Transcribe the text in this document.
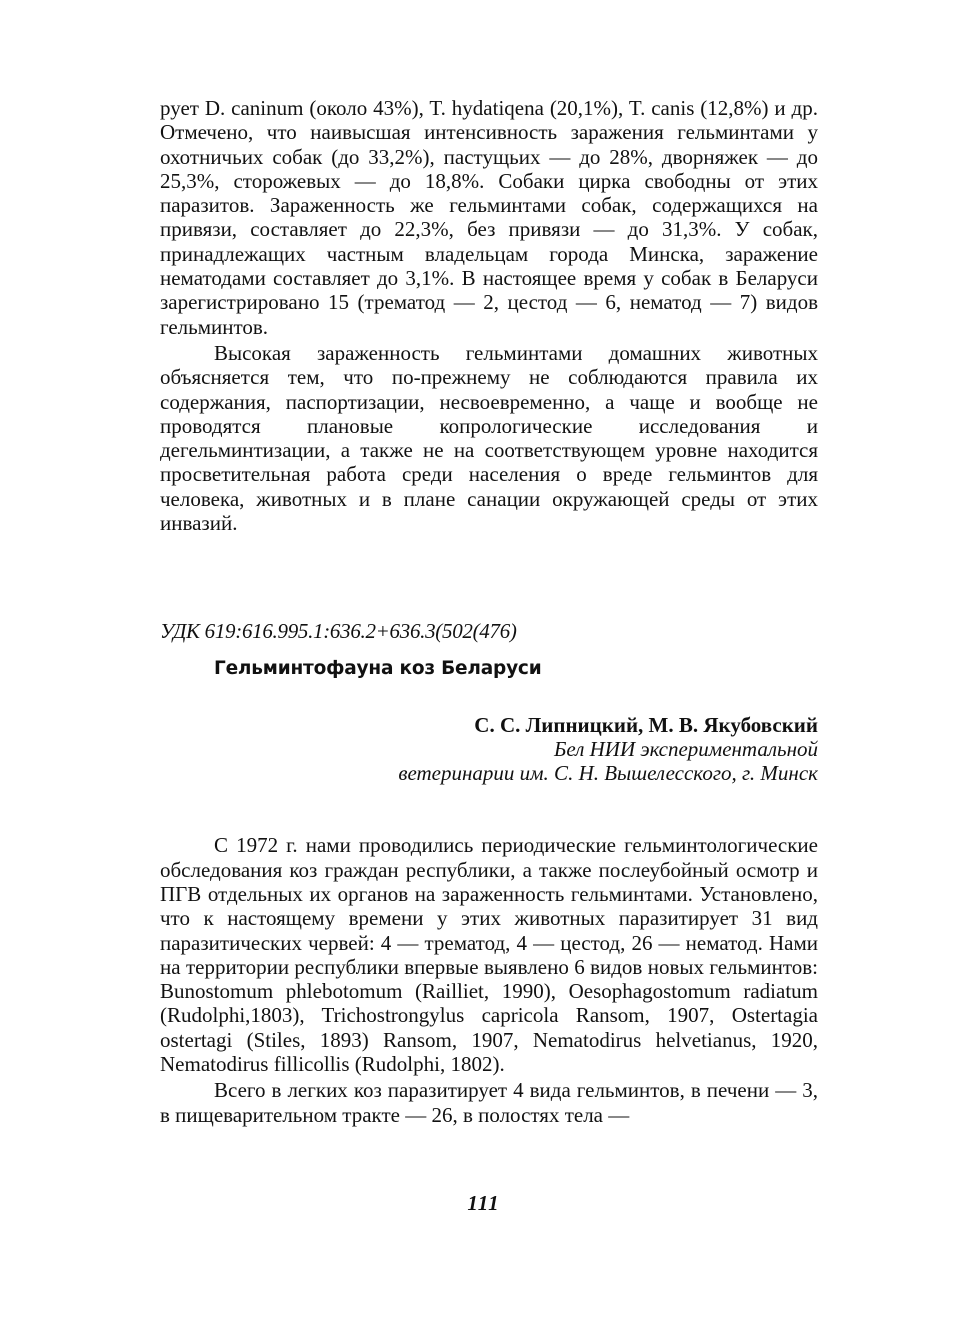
рует D. caninum (около 43%), T. hydatiqena (20,1%), T. canis (12,8%) и др. Отмечено, что наивысшая интенсивность заражения гельминтами у охотничьих собак (до 33,2%), пастущьих — до 28%, дворняжек — до 25,3%, сторожевых — до 18,8%. Собаки цирка свободны от этих паразитов. Зараженность же гельминтами собак, содержащихся на привязи, составляет до 22,3%, без привязи — до 31,3%. У собак, принадлежащих частным владельцам города Минска, заражение нематодами составляет до 3,1%. В настоящее время у собак в Беларуси зарегистрировано 15 (трематод — 2, цестод — 6, нематод — 7) видов гельминтов.

Высокая зараженность гельминтами домашних животных объясняется тем, что по-прежнему не соблюдаются правила их содержания, паспортизации, несвоевременно, а чаще и вообще не проводятся плановые копрологические исследования и дегельминтизации, а также не на соответствующем уровне находится просветительная работа среди населения о вреде гельминтов для человека, животных и в плане санации окружающей среды от этих инвазий.

УДК 619:616.995.1:636.2+636.3(502(476)
Гельминтофауна коз Беларуси
С. С. Липницкий, М. В. Якубовский
Бел НИИ экспериментальной
ветеринарии им. С. Н. Вышелесского, г. Минск

С 1972 г. нами проводились периодические гельминтологические обследования коз граждан республики, а также послеубойный осмотр и ПГВ отдельных их органов на зараженность гельминтами. Установлено, что к настоящему времени у этих животных паразитирует 31 вид паразитических червей: 4 — трематод, 4 — цестод, 26 — нематод. Нами на территории республики впервые выявлено 6 видов новых гельминтов: Bunostomum phlebotomum (Railliet, 1990), Oesophagostomum radiatum (Rudolphi,1803), Trichostrongylus capricola Ransom, 1907, Ostertagia ostertagi (Stiles, 1893) Ransom, 1907, Nematodirus helvetianus, 1920, Nematodirus fillicollis (Rudolphi, 1802).

Всего в легких коз паразитирует 4 вида гельминтов, в печени — 3, в пищеварительном тракте — 26, в полостях тела —

111
